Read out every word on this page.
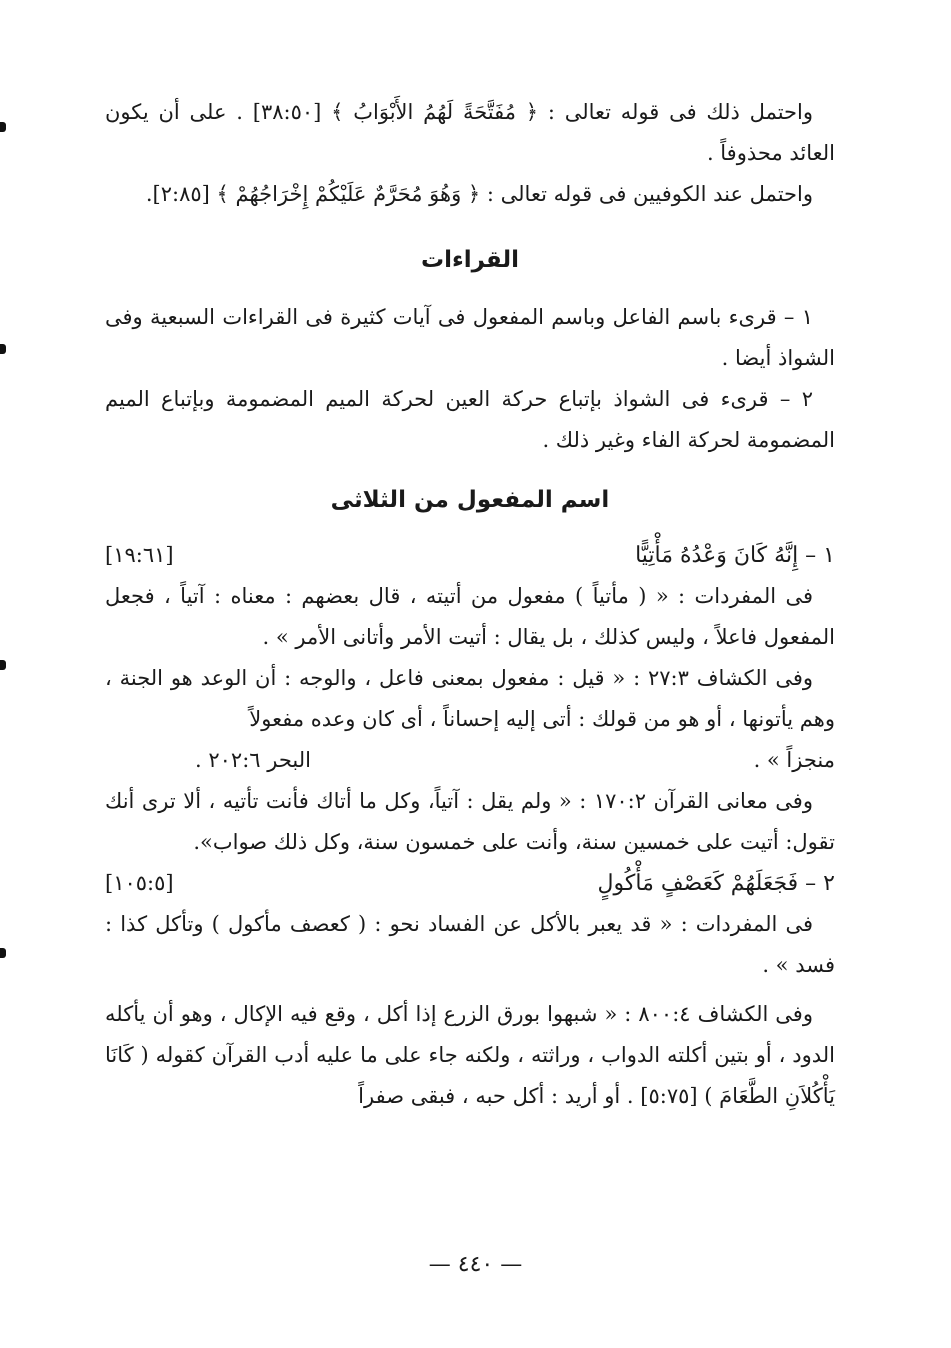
واحتمل ذلك فى قوله تعالى : ﴿ مُفَتَّحَةً لَهُمُ الأَبْوَابُ ﴾ [٣٨:٥٠] . على أن يكون العائد محذوفاً .

واحتمل عند الكوفيين فى قوله تعالى : ﴿ وَهُوَ مُحَرَّمٌ عَلَيْكُمْ إِخْرَاجُهُمْ ﴾ [٢:٨٥].

القراءات

١ – قرىء باسم الفاعل وباسم المفعول فى آيات كثيرة فى القراءات السبعية وفى الشواذ أيضا .

٢ – قرىء فى الشواذ بإتباع حركة العين لحركة الميم المضمومة وبإتباع الميم المضمومة لحركة الفاء وغير ذلك .

اسم المفعول من الثلاثى
١ – إِنَّهُ كَانَ وَعْدُهُ مَأْتِيًّا
[١٩:٦١]

فى المفردات : « ( مأتياً ) مفعول من أتيته ، قال بعضهم : معناه : آتياً ، فجعل المفعول فاعلاً ، وليس كذلك ، بل يقال : أتيت الأمر وأتانى الأمر » .

وفى الكشاف ٢٧:٣ : « قيل : مفعول بمعنى فاعل ، والوجه : أن الوعد هو الجنة ، وهم يأتونها ، أو هو من قولك : أتى إليه إحساناً ، أى كان وعده مفعولاً

منجزاً » .
البحر ٢٠٢:٦ .

وفى معانى القرآن ١٧٠:٢ : « ولم يقل : آتياً، وكل ما أتاك فأنت تأتيه ، ألا ترى أنك تقول: أتيت على خمسين سنة، وأنت على خمسون سنة، وكل ذلك صواب».

٢ – فَجَعَلَهُمْ كَعَصْفٍ مَأْكُولٍ
[١٠٥:٥]

فى المفردات : « قد يعبر بالأكل عن الفساد نحو : ( كعصف مأكول ) وتأكل كذا : فسد » .

وفى الكشاف ٨٠٠:٤ : « شبهوا بورق الزرع إذا أكل ، وقع فيه الإكال ، وهو أن يأكله الدود ، أو بتين أكلته الدواب ، وراثته ، ولكنه جاء على ما عليه أدب القرآن كقوله ( كَانَا يَأْكُلاَنِ الطَّعَامَ ) [٥:٧٥] . أو أريد : أكل حبه ، فبقى صفراً

— ٤٤٠ —
